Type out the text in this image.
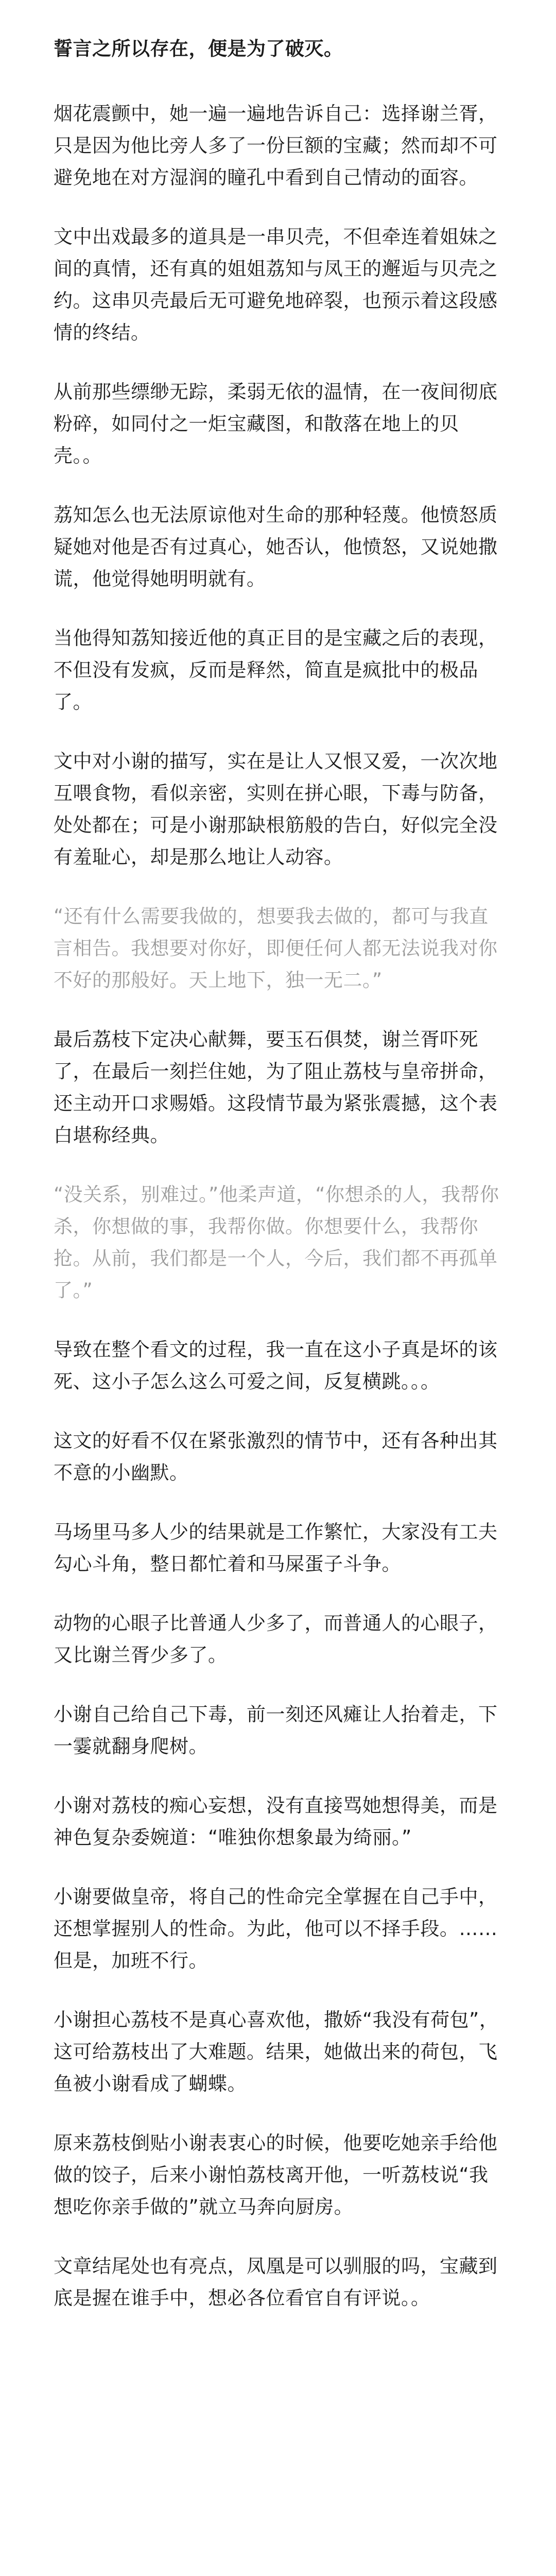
誓言之所以存在，便是为了破灭。

烟花震颤中，她一遍一遍地告诉自己：选择谢兰胥，只是因为他比旁人多了一份巨额的宝藏；然而却不可避免地在对方湿润的瞳孔中看到自己情动的面容。

文中出戏最多的道具是一串贝壳，不但牵连着姐妹之间的真情，还有真的姐姐荔知与凤王的邂逅与贝壳之约。这串贝壳最后无可避免地碎裂，也预示着这段感情的终结。

从前那些缥缈无踪，柔弱无依的温情，在一夜间彻底粉碎，如同付之一炬宝藏图，和散落在地上的贝壳。。

荔知怎么也无法原谅他对生命的那种轻蔑。他愤怒质疑她对他是否有过真心，她否认，他愤怒，又说她撒谎，他觉得她明明就有。

当他得知荔知接近他的真正目的是宝藏之后的表现，不但没有发疯，反而是释然，简直是疯批中的极品了。

文中对小谢的描写，实在是让人又恨又爱，一次次地互喂食物，看似亲密，实则在拼心眼，下毒与防备，处处都在；可是小谢那缺根筋般的告白，好似完全没有羞耻心，却是那么地让人动容。

“还有什么需要我做的，想要我去做的，都可与我直言相告。我想要对你好，即便任何人都无法说我对你不好的那般好。天上地下，独一无二。”

最后荔枝下定决心献舞，要玉石俱焚，谢兰胥吓死了，在最后一刻拦住她，为了阻止荔枝与皇帝拼命，还主动开口求赐婚。这段情节最为紧张震撼，这个表白堪称经典。

“没关系，别难过。”他柔声道，“你想杀的人，我帮你杀，你想做的事，我帮你做。你想要什么，我帮你抢。从前，我们都是一个人，今后，我们都不再孤单了。”

导致在整个看文的过程，我一直在这小子真是坏的该死、这小子怎么这么可爱之间，反复横跳。。。

这文的好看不仅在紧张激烈的情节中，还有各种出其不意的小幽默。

马场里马多人少的结果就是工作繁忙，大家没有工夫勾心斗角，整日都忙着和马屎蛋子斗争。

动物的心眼子比普通人少多了，而普通人的心眼子，又比谢兰胥少多了。

小谢自己给自己下毒，前一刻还风瘫让人抬着走，下一霎就翻身爬树。

小谢对荔枝的痴心妄想，没有直接骂她想得美，而是神色复杂委婉道：“唯独你想象最为绮丽。”

小谢要做皇帝，将自己的性命完全掌握在自己手中，还想掌握别人的性命。为此，他可以不择手段。……但是，加班不行。

小谢担心荔枝不是真心喜欢他，撒娇“我没有荷包”，这可给荔枝出了大难题。结果，她做出来的荷包，飞鱼被小谢看成了蝴蝶。

原来荔枝倒贴小谢表衷心的时候，他要吃她亲手给他做的饺子，后来小谢怕荔枝离开他，一听荔枝说“我想吃你亲手做的”就立马奔向厨房。

文章结尾处也有亮点，凤凰是可以驯服的吗，宝藏到底是握在谁手中，想必各位看官自有评说。。
